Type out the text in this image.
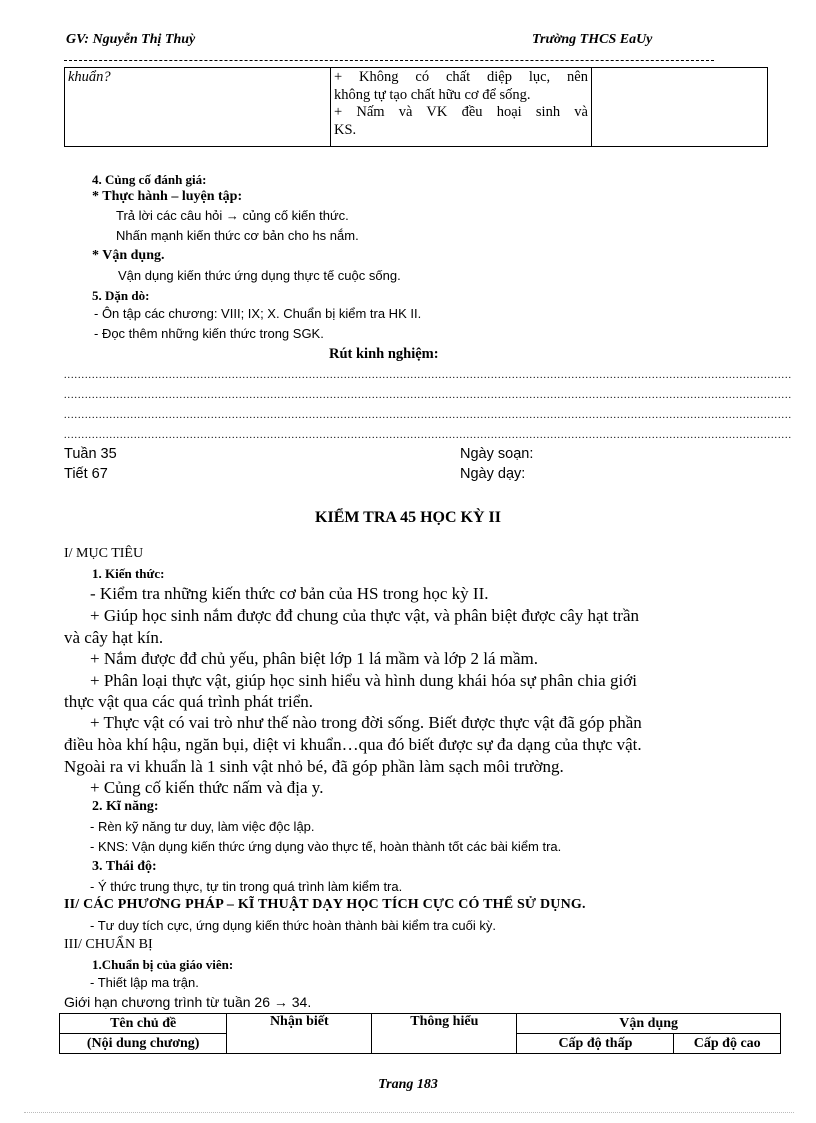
GV: Nguyễn Thị Thuỳ	Trường THCS EaUy
khuẩn?	+ Không có chất diệp lục, nên
không tự tạo chất hữu cơ để sống.
+ Nấm và VK đều hoại sinh và
KS.

4. Củng cố đánh giá:
* Thực hành – luyện tập:
Trả lời các câu hỏi → củng cố kiến thức.
Nhấn mạnh kiến thức cơ bản cho hs nắm.
* Vận dụng.
Vận dụng kiến thức ứng dụng thực tế cuộc sống.
5. Dặn dò:
- Ôn tập các chương: VIII; IX; X. Chuẩn bị kiểm tra HK II.
- Đọc thêm những kiến thức trong SGK.
Rút kinh nghiệm:
................................................................................................................................................................................................................
................................................................................................................................................................................................................
................................................................................................................................................................................................................
................................................................................................................................................................................................................
Tuần 35	Ngày soạn:
Tiết 67	Ngày dạy:
KIỂM TRA 45 HỌC KỲ II
I/ MỤC TIÊU
1. Kiến thức:
- Kiểm tra những kiến thức cơ bản của HS trong học kỳ II.
+ Giúp học sinh nắm được đđ chung của thực vật, và phân biệt được cây hạt trần
và cây hạt kín.
+ Nắm được đđ chủ yếu, phân biệt lớp 1 lá mầm và lớp 2 lá mầm.
+ Phân loại thực vật, giúp học sinh hiểu và hình dung khái hóa sự phân chia giới
thực vật qua các quá trình phát triển.
+ Thực vật có vai trò như thế nào trong đời sống. Biết được thực vật đã góp phần
điều hòa khí hậu, ngăn bụi, diệt vi khuẩn…qua đó biết được sự đa dạng của thực vật.
Ngoài ra vi khuẩn là 1 sinh vật nhỏ bé, đã góp phần làm sạch môi trường.
+ Củng cố kiến thức nấm và địa y.
2. Kĩ năng:
- Rèn kỹ năng tư duy, làm việc độc lập.
- KNS: Vận dụng kiến thức ứng dụng vào thực tế, hoàn thành tốt các bài kiểm tra.
3. Thái độ:
- Ý thức trung thực, tự tin trong quá trình làm kiểm tra.
II/ CÁC PHƯƠNG PHÁP – KĨ THUẬT DẠY HỌC TÍCH CỰC CÓ THỂ SỬ DỤNG.
- Tư duy tích cực, ứng dụng kiến thức hoàn thành bài kiểm tra cuối kỳ.
III/ CHUẨN BỊ
1.Chuẩn bị của giáo viên:
- Thiết lập ma trận.
Giới hạn chương trình từ tuần 26 → 34.
Tên chủ đề	Nhận biết	Thông hiểu	Vận dụng	
(Nội dung chương)			Cấp độ thấp	Cấp độ cao
Trang 183
